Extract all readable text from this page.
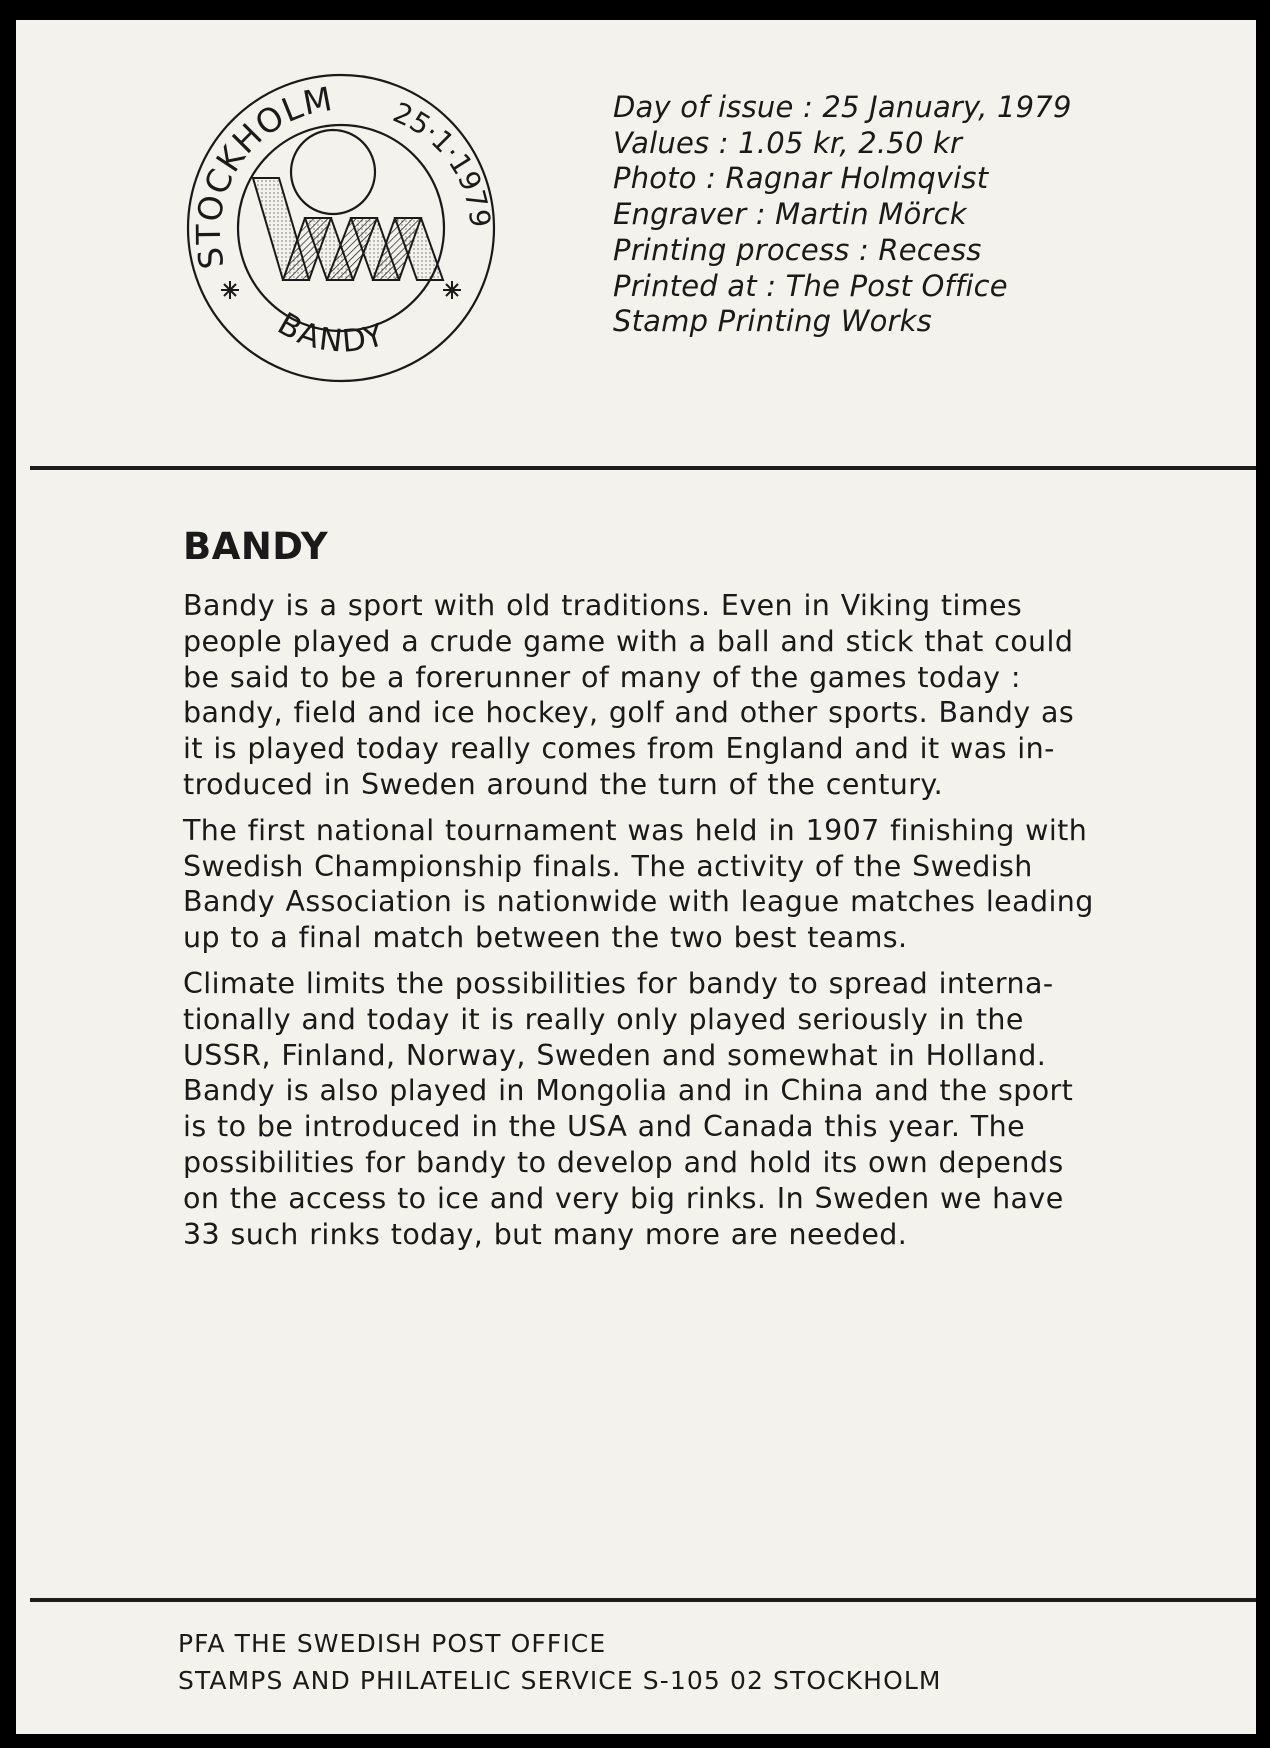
STOCKHOLM 25·1·1979
BANDY
Day of issue : 25 January, 1979
Values : 1.05 kr, 2.50 kr
Photo : Ragnar Holmqvist
Engraver : Martin Mörck
Printing process : Recess
Printed at : The Post Office
Stamp Printing Works
BANDY

Bandy is a sport with old traditions. Even in Viking times
people played a crude game with a ball and stick that could
be said to be a forerunner of many of the games today :
bandy, field and ice hockey, golf and other sports. Bandy as
it is played today really comes from England and it was in-
troduced in Sweden around the turn of the century.

The first national tournament was held in 1907 finishing with
Swedish Championship finals. The activity of the Swedish
Bandy Association is nationwide with league matches leading
up to a final match between the two best teams.

Climate limits the possibilities for bandy to spread interna-
tionally and today it is really only played seriously in the
USSR, Finland, Norway, Sweden and somewhat in Holland.
Bandy is also played in Mongolia and in China and the sport
is to be introduced in the USA and Canada this year. The
possibilities for bandy to develop and hold its own depends
on the access to ice and very big rinks. In Sweden we have
33 such rinks today, but many more are needed.

PFA THE SWEDISH POST OFFICE
STAMPS AND PHILATELIC SERVICE S-105 02 STOCKHOLM
